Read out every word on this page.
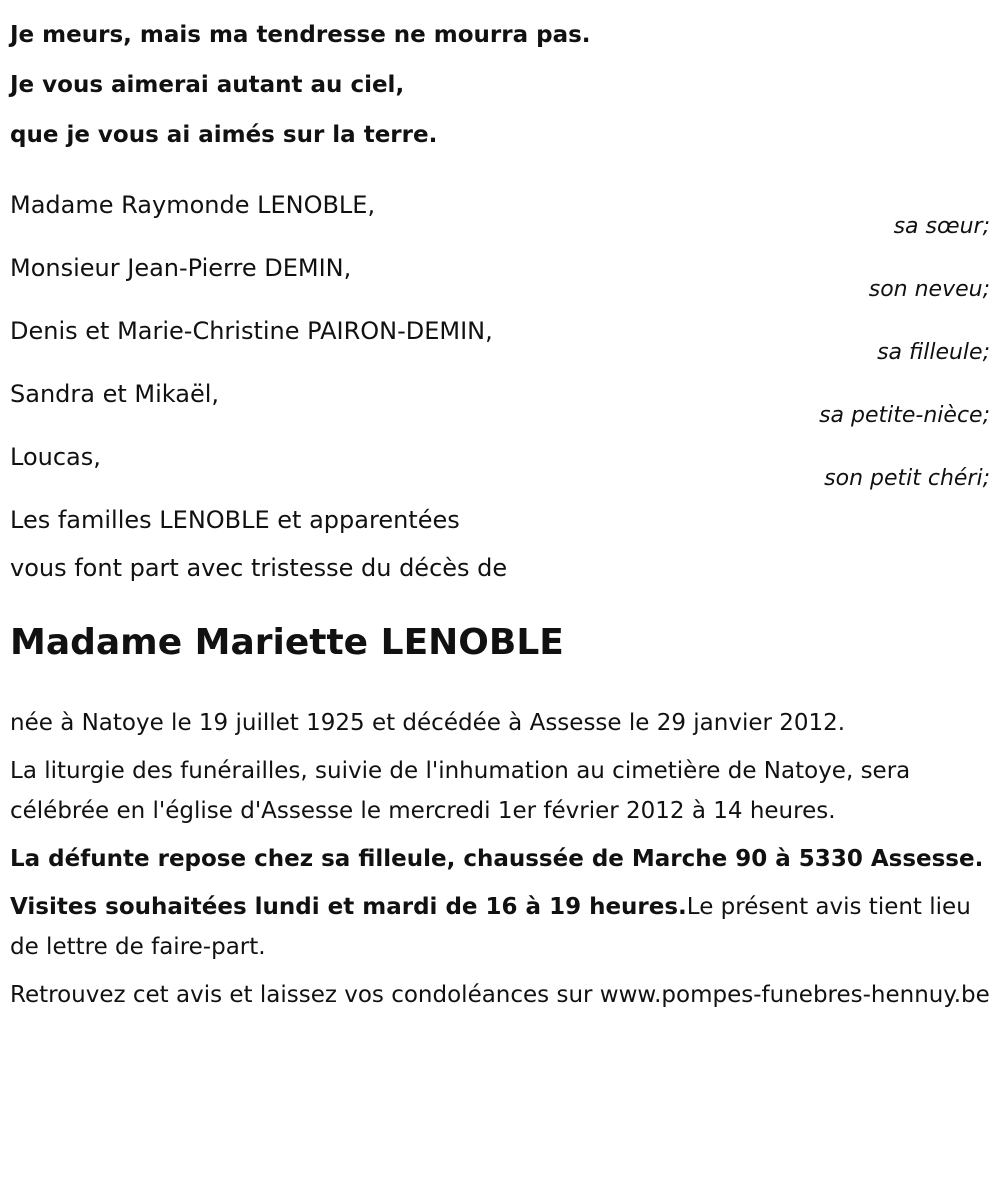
Je meurs, mais ma tendresse ne mourra pas.

Je vous aimerai autant au ciel,

que je vous ai aimés sur la terre.

Madame Raymonde LENOBLE,
sa sœur;
Monsieur Jean-Pierre DEMIN,
son neveu;
Denis et Marie-Christine PAIRON-DEMIN,
sa filleule;
Sandra et Mikaël,
sa petite-nièce;
Loucas,
son petit chéri;
Les familles LENOBLE et apparentées
vous font part avec tristesse du décès de
Madame Mariette LENOBLE

née à Natoye le 19 juillet 1925 et décédée à Assesse le 29 janvier 2012.

La liturgie des funérailles, suivie de l'inhumation au cimetière de Natoye, sera célébrée en l'église d'Assesse le mercredi 1er février 2012 à 14 heures.

La défunte repose chez sa filleule, chaussée de Marche 90 à 5330 Assesse.

Visites souhaitées lundi et mardi de 16 à 19 heures.Le présent avis tient lieu de lettre de faire-part.

Retrouvez cet avis et laissez vos condoléances sur www.pompes-funebres-hennuy.be
